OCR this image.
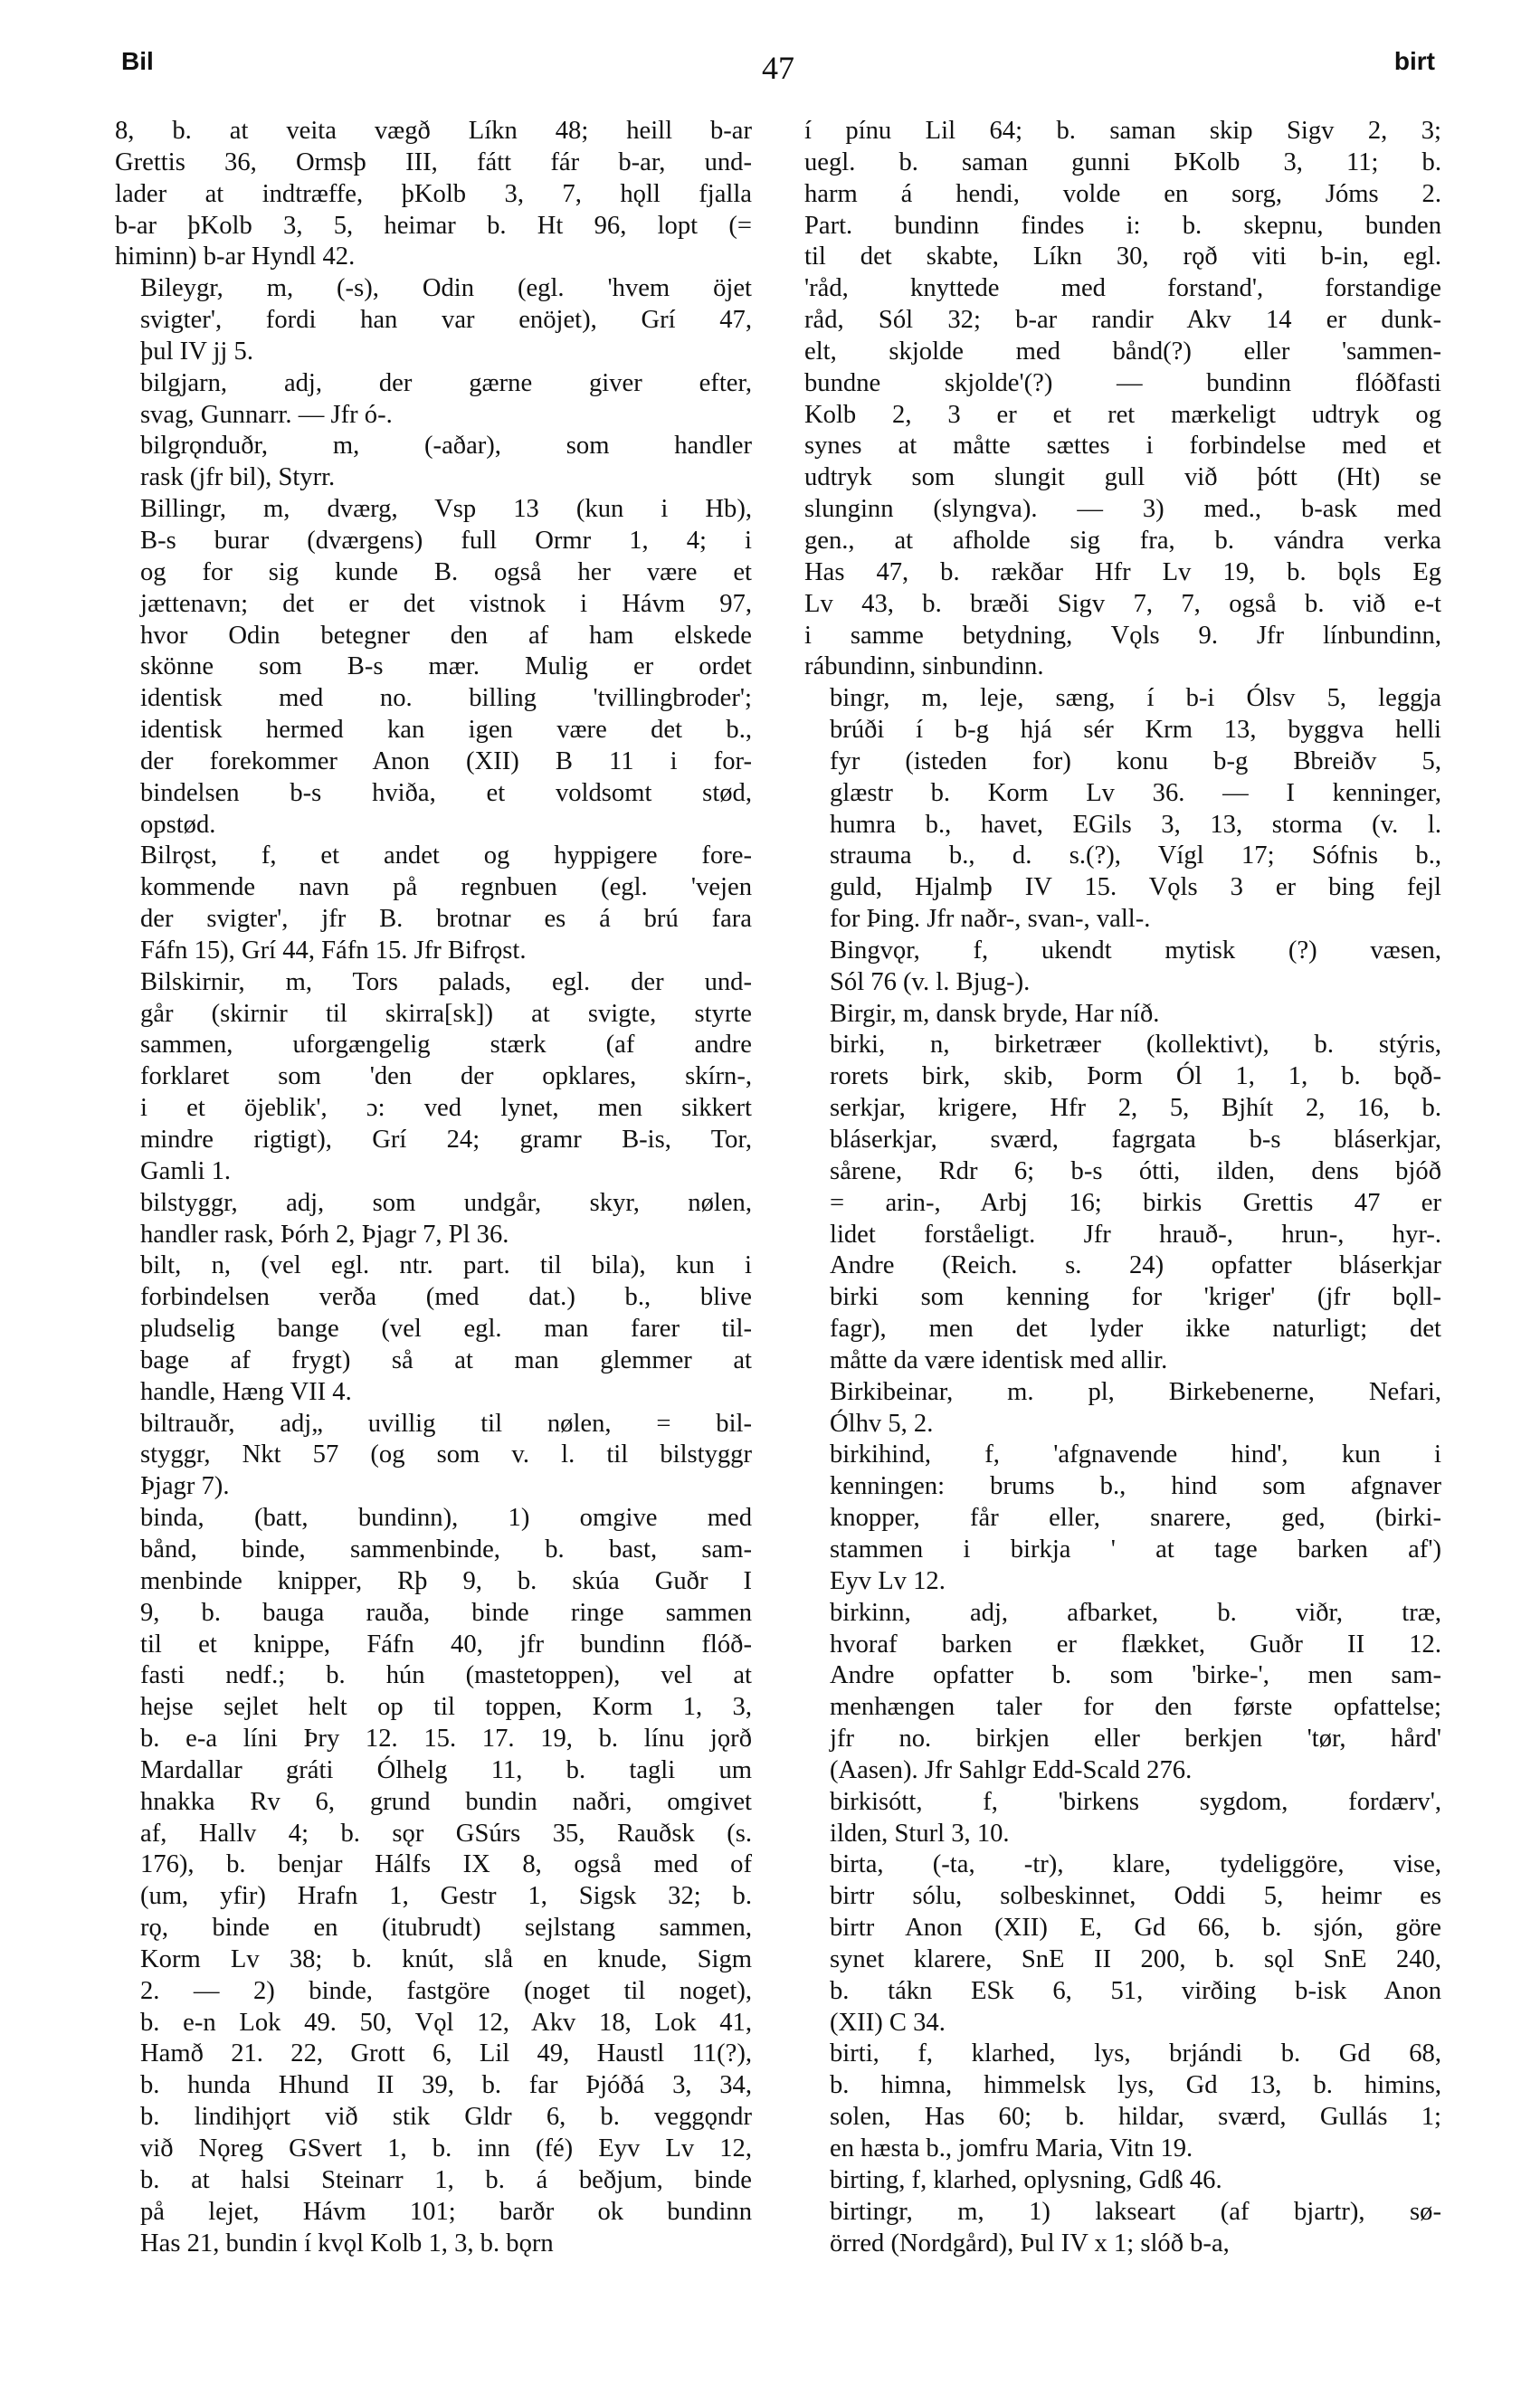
Bil	47	birt

8, b. at veita vægð Líkn 48; heill b-ar
Grettis 36, Ormsþ III, fátt fár b-ar, und-
lader at indtræffe, þKolb 3, 7, hǫll fjalla
b-ar þKolb 3, 5, heimar b. Ht 96, lopt (=
himinn) b-ar Hyndl 42.

Bileygr, m, (-s), Odin (egl. 'hvem öjet
svigter', fordi han var enöjet), Grí 47,
þul IV jj 5.

bilgjarn, adj, der gærne giver efter,
svag, Gunnarr. — Jfr ó-.

bilgrǫnduðr, m, (-aðar), som handler
rask (jfr bil), Styrr.

Billingr, m, dværg, Vsp 13 (kun i Hb),
B-s burar (dværgens) full Ormr 1, 4; i
og for sig kunde B. også her være et
jættenavn; det er det vistnok i Hávm 97,
hvor Odin betegner den af ham elskede
skönne som B-s mær. Mulig er ordet
identisk med no. billing 'tvillingbroder';
identisk hermed kan igen være det b.,
der forekommer Anon (XII) B 11 i for-
bindelsen b-s hviða, et voldsomt stød,
opstød.

Bilrǫst, f, et andet og hyppigere fore-
kommende navn på regnbuen (egl. 'vejen
der svigter', jfr B. brotnar es á brú fara
Fáfn 15), Grí 44, Fáfn 15. Jfr Bifrǫst.

Bilskirnir, m, Tors palads, egl. der und-
går (skirnir til skirra[sk]) at svigte, styrte
sammen, uforgængelig stærk (af andre
forklaret som 'den der opklares, skírn-,
i et öjeblik', ɔ: ved lynet, men sikkert
mindre rigtigt), Grí 24; gramr B-is, Tor,
Gamli 1.

bilstyggr, adj, som undgår, skyr, nølen,
handler rask, Þórh 2, Þjagr 7, Pl 36.

bilt, n, (vel egl. ntr. part. til bila), kun i
forbindelsen verða (med dat.) b., blive
pludselig bange (vel egl. man farer til-
bage af frygt) så at man glemmer at
handle, Hæng VII 4.

biltrauðr, adj„ uvillig til nølen, = bil-
styggr, Nkt 57 (og som v. l. til bilstyggr
Þjagr 7).

binda, (batt, bundinn), 1) omgive med
bånd, binde, sammenbinde, b. bast, sam-
menbinde knipper, Rþ 9, b. skúa Guðr I
9, b. bauga rauða, binde ringe sammen
til et knippe, Fáfn 40, jfr bundinn flóð-
fasti nedf.; b. hún (mastetoppen), vel at
hejse sejlet helt op til toppen, Korm 1, 3,
b. e-a líni Þry 12. 15. 17. 19, b. línu jǫrð
Mardallar gráti Ólhelg 11, b. tagli um
hnakka Rv 6, grund bundin naðri, omgivet
af, Hallv 4; b. sǫr GSúrs 35, Rauðsk (s.
176), b. benjar Hálfs IX 8, også med of
(um, yfir) Hrafn 1, Gestr 1, Sigsk 32; b.
rǫ, binde en (itubrudt) sejlstang sammen,
Korm Lv 38; b. knút, slå en knude, Sigm
2. — 2) binde, fastgöre (noget til noget),
b. e-n Lok 49. 50, Vǫl 12, Akv 18, Lok 41,
Hamð 21. 22, Grott 6, Lil 49, Haustl 11(?),
b. hunda Hhund II 39, b. far Þjóðá 3, 34,
b. lindihjǫrt við stik Gldr 6, b. veggǫndr
við Nǫreg GSvert 1, b. inn (fé) Eyv Lv 12,
b. at halsi Steinarr 1, b. á beðjum, binde
på lejet, Hávm 101; barðr ok bundinn
Has 21, bundin í kvǫl Kolb 1, 3, b. bǫrn

í pínu Lil 64; b. saman skip Sigv 2, 3;
uegl. b. saman gunni ÞKolb 3, 11; b.
harm á hendi, volde en sorg, Jóms 2.
Part. bundinn findes i: b. skepnu, bunden
til det skabte, Líkn 30, rǫð viti b-in, egl.
'råd, knyttede med forstand', forstandige
råd, Sól 32; b-ar randir Akv 14 er dunk-
elt, skjolde med bånd(?) eller 'sammen-
bundne skjolde'(?) — bundinn flóðfasti
Kolb 2, 3 er et ret mærkeligt udtryk og
synes at måtte sættes i forbindelse med et
udtryk som slungit gull við þótt (Ht) se
slunginn (slyngva). — 3) med., b-ask med
gen., at afholde sig fra, b. vándra verka
Has 47, b. rækðar Hfr Lv 19, b. bǫls Eg
Lv 43, b. bræði Sigv 7, 7, også b. við e-t
i samme betydning, Vǫls 9. Jfr línbundinn,
rábundinn, sinbundinn.

bingr, m, leje, sæng, í b-i Ólsv 5, leggja
brúði í b-g hjá sér Krm 13, byggva helli
fyr (isteden for) konu b-g Bbreiðv 5,
glæstr b. Korm Lv 36. — I kenninger,
humra b., havet, EGils 3, 13, storma (v. l.
strauma b., d. s.(?), Vígl 17; Sófnis b.,
guld, Hjalmþ IV 15. Vǫls 3 er bing fejl
for Þing. Jfr naðr-, svan-, vall-.

Bingvǫr, f, ukendt mytisk (?) væsen,
Sól 76 (v. l. Bjug-).

Birgir, m, dansk bryde, Har níð.

birki, n, birketræer (kollektivt), b. stýris,
rorets birk, skib, Þorm Ól 1, 1, b. bǫð-
serkjar, krigere, Hfr 2, 5, Bjhít 2, 16, b.
bláserkjar, sværd, fagrgata b-s bláserkjar,
sårene, Rdr 6; b-s ótti, ilden, dens bjóð
= arin-, Arbj 16; birkis Grettis 47 er
lidet forståeligt. Jfr hrauð-, hrun-, hyr-.
Andre (Reich. s. 24) opfatter bláserkjar
birki som kenning for 'kriger' (jfr bǫll-
fagr), men det lyder ikke naturligt; det
måtte da være identisk med allir.

Birkibeinar, m. pl, Birkebenerne, Nefari,
Ólhv 5, 2.

birkihind, f, 'afgnavende hind', kun i
kenningen: brums b., hind som afgnaver
knopper, får eller, snarere, ged, (birki-
stammen i birkja ' at tage barken af')
Eyv Lv 12.

birkinn, adj, afbarket, b. viðr, træ,
hvoraf barken er flækket, Guðr II 12.
Andre opfatter b. som 'birke-', men sam-
menhængen taler for den første opfattelse;
jfr no. birkjen eller berkjen 'tør, hård'
(Aasen). Jfr Sahlgr Edd-Scald 276.

birkisótt, f, 'birkens sygdom, fordærv',
ilden, Sturl 3, 10.

birta, (-ta, -tr), klare, tydeliggöre, vise,
birtr sólu, solbeskinnet, Oddi 5, heimr es
birtr Anon (XII) E, Gd 66, b. sjón, göre
synet klarere, SnE II 200, b. sǫl SnE 240,
b. tákn ESk 6, 51, virðing b-isk Anon
(XII) C 34.

birti, f, klarhed, lys, brjándi b. Gd 68,
b. himna, himmelsk lys, Gd 13, b. himins,
solen, Has 60; b. hildar, sværd, Gullás 1;
en hæsta b., jomfru Maria, Vitn 19.

birting, f, klarhed, oplysning, Gdß 46.

birtingr, m, 1) lakseart (af bjartr), sø-
örred (Nordgård), Þul IV x 1; slóð b-a,
